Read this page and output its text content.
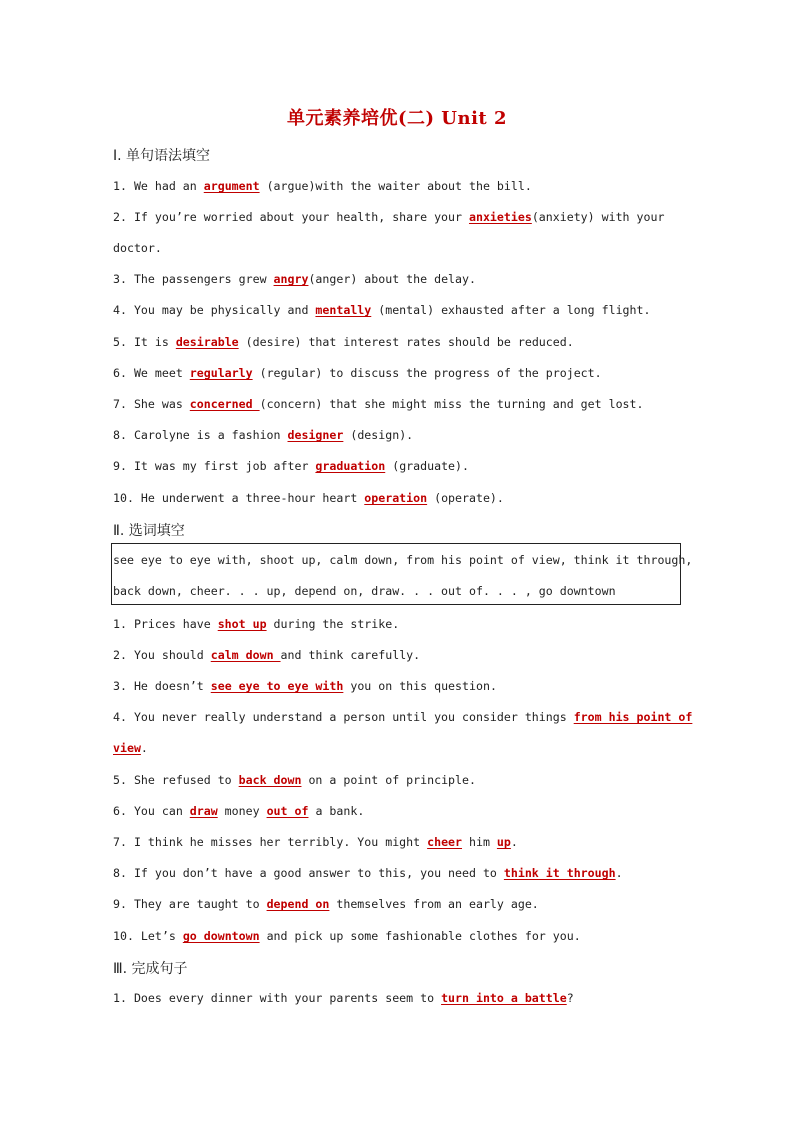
单元素养培优(二) Unit 2
Ⅰ. 单句语法填空
1. We had an argument (argue)with the waiter about the bill.
2. If you’re worried about your health, share your anxieties(anxiety) with your
doctor.
3. The passengers grew angry(anger) about the delay.
4. You may be physically and mentally (mental) exhausted after a long flight.
5. It is desirable (desire) that interest rates should be reduced.
6. We meet regularly (regular) to discuss the progress of the project.
7. She was concerned (concern) that she might miss the turning and get lost.
8. Carolyne is a fashion designer (design).
9. It was my first job after graduation (graduate).
10. He underwent a three-hour heart operation (operate).
Ⅱ. 选词填空
see eye to eye with, shoot up, calm down, from his point of view, think it through,
back down, cheer. . . up, depend on, draw. . . out of. . . , go downtown
1. Prices have shot up during the strike.
2. You should calm down and think carefully.
3. He doesn’t see eye to eye with you on this question.
4. You never really understand a person until you consider things from his point of
view.
5. She refused to back down on a point of principle.
6. You can draw money out of a bank.
7. I think he misses her terribly. You might cheer him up.
8. If you don’t have a good answer to this, you need to think it through.
9. They are taught to depend on themselves from an early age.
10. Let’s go downtown and pick up some fashionable clothes for you.
Ⅲ. 完成句子
1. Does every dinner with your parents seem to turn into a battle?
